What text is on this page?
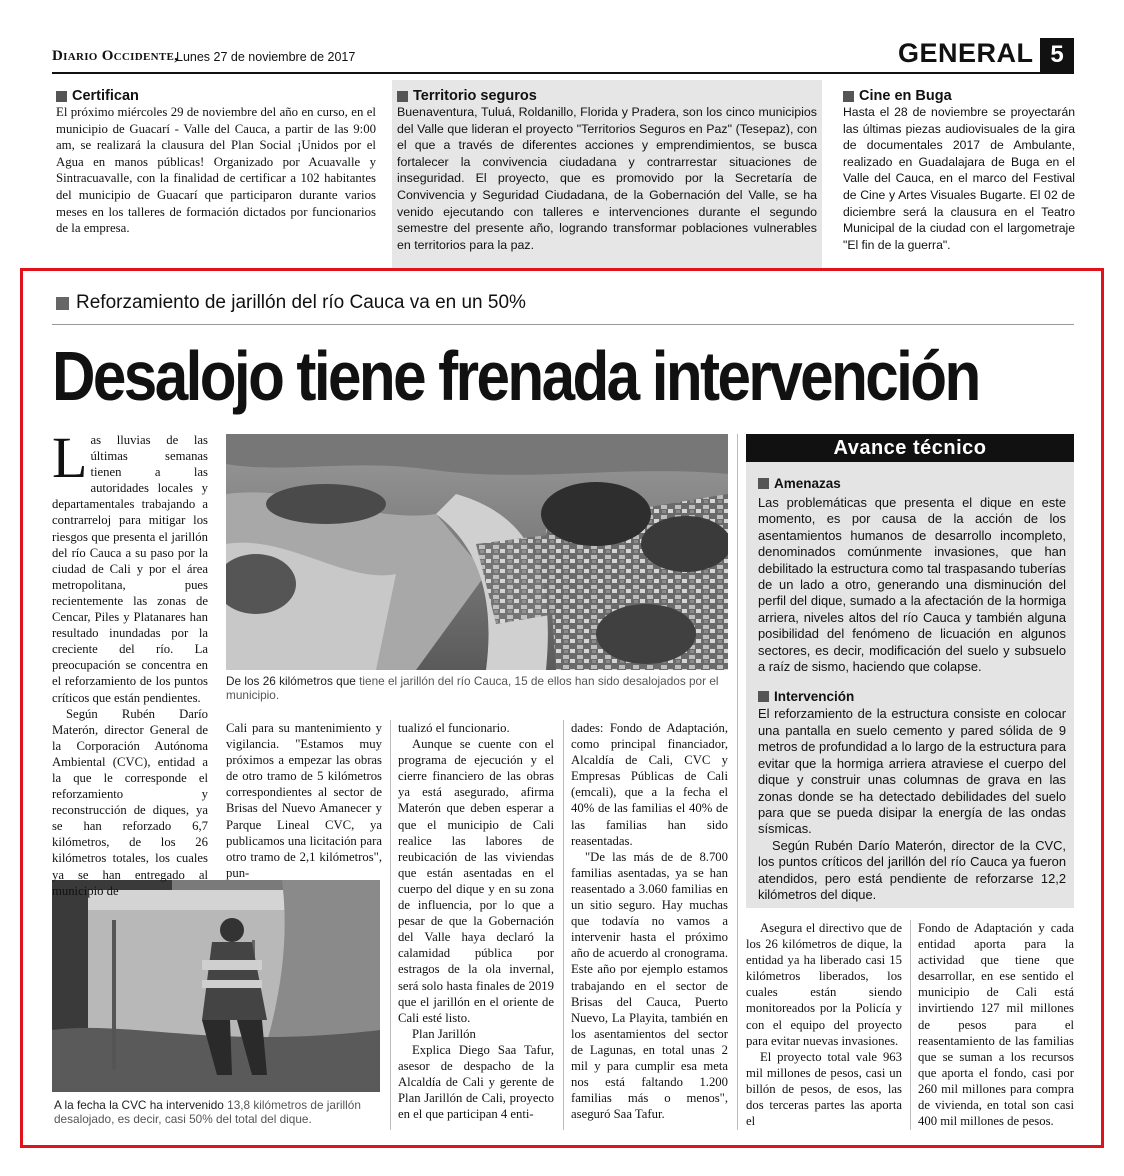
Diario Occidente,
Lunes 27 de noviembre de 2017	GENERAL 5
Certifican
El próximo miércoles 29 de noviembre del año en curso, en el municipio de Guacarí - Valle del Cauca, a partir de las 9:00 am, se realizará la clausura del Plan Social ¡Unidos por el Agua en manos públicas! Organizado por Acuavalle y Sintracuavalle, con la finalidad de certificar a 102 habitantes del municipio de Guacarí que participaron durante varios meses en los talleres de formación dictados por funcionarios de la empresa.
Territorio seguros
Buenaventura, Tuluá, Roldanillo, Florida y Pradera, son los cinco municipios del Valle que lideran el proyecto "Territorios Seguros en Paz" (Tesepaz), con el que a través de diferentes acciones y emprendimientos, se busca fortalecer la convivencia ciudadana y contrarrestar situaciones de inseguridad. El proyecto, que es promovido por la Secretaría de Convivencia y Seguridad Ciudadana, de la Gobernación del Valle, se ha venido ejecutando con talleres e intervenciones durante el segundo semestre del presente año, logrando transformar poblaciones vulnerables en territorios para la paz.
Cine en Buga
Hasta el 28 de noviembre se proyectarán las últimas piezas audiovisuales de la gira de documentales 2017 de Ambulante, realizado en Guadalajara de Buga en el Valle del Cauca, en el marco del Festival de Cine y Artes Visuales Bugarte. El 02 de diciembre será la clausura en el Teatro Municipal de la ciudad con el largometraje "El fin de la guerra".
Reforzamiento de jarillón del río Cauca va en un 50%
Desalojo tiene frenada intervención
De los 26 kilómetros que tiene el jarillón del río Cauca, 15 de ellos han sido desalojados por el municipio.
A la fecha la CVC ha intervenido 13,8 kilómetros de jarillón desalojado, es decir, casi 50% del total del dique.

Las lluvias de las últimas semanas tienen a las autoridades locales y departamentales trabajando a contrarreloj para mitigar los riesgos que presenta el jarillón del río Cauca a su paso por la ciudad de Cali y por el área metropolitana, pues recientemente las zonas de Cencar, Piles y Platanares han resultado inundadas por la creciente del río. La preocupación se concentra en el reforzamiento de los puntos críticos que están pendientes.

Según Rubén Darío Materón, director General de la Corporación Autónoma Ambiental (CVC), entidad a la que le corresponde el reforzamiento y reconstrucción de diques, ya se han reforzado 6,7 kilómetros, de los 26 kilómetros totales, los cuales ya se han entregado al municipio de

Cali para su mantenimiento y vigilancia. "Estamos muy próximos a empezar las obras de otro tramo de 5 kilómetros correspondientes al sector de Brisas del Nuevo Amanecer y Parque Lineal CVC, ya publicamos una licitación para otro tramo de 2,1 kilómetros", pun-

tualizó el funcionario.

Aunque se cuente con el programa de ejecución y el cierre financiero de las obras ya está asegurado, afirma Materón que deben esperar a que el municipio de Cali realice las labores de reubicación de las viviendas que están asentadas en el cuerpo del dique y en su zona de influencia, por lo que a pesar de que la Gobernación del Valle haya declaró la calamidad pública por estragos de la ola invernal, será solo hasta finales de 2019 que el jarillón en el oriente de Cali esté listo.

Plan Jarillón

Explica Diego Saa Tafur, asesor de despacho de la Alcaldía de Cali y gerente de Plan Jarillón de Cali, proyecto en el que participan 4 enti-

dades: Fondo de Adaptación, como principal financiador, Alcaldía de Cali, CVC y Empresas Públicas de Cali (emcali), que a la fecha el 40% de las familias el 40% de las familias han sido reasentadas.

"De las más de de 8.700 familias asentadas, ya se han reasentado a 3.060 familias en un sitio seguro. Hay muchas que todavía no vamos a intervenir hasta el próximo año de acuerdo al cronograma. Este año por ejemplo estamos trabajando en el sector de Brisas del Cauca, Puerto Nuevo, La Playita, también en los asentamientos del sector de Lagunas, en total unas 2 mil y para cumplir esa meta nos está faltando 1.200 familias más o menos", aseguró Saa Tafur.

Avance técnico
Amenazas
Las problemáticas que presenta el dique en este momento, es por causa de la acción de los asentamientos humanos de desarrollo incompleto, denominados comúnmente invasiones, que han debilitado la estructura como tal traspasando tuberías de un lado a otro, generando una disminución del perfil del dique, sumado a la afectación de la hormiga arriera, niveles altos del río Cauca y también alguna posibilidad del fenómeno de licuación en algunos sectores, es decir, modificación del suelo y subsuelo a raíz de sismo, haciendo que colapse.
Intervención
El reforzamiento de la estructura consiste en colocar una pantalla en suelo cemento y pared sólida de 9 metros de profundidad a lo largo de la estructura para evitar que la hormiga arriera atraviese el cuerpo del dique y construir unas columnas de grava en las zonas donde se ha detectado debilidades del suelo para que se pueda disipar la energía de las ondas sísmicas.
Según Rubén Darío Materón, director de la CVC, los puntos críticos del jarillón del río Cauca ya fueron atendidos, pero está pendiente de reforzarse 12,2 kilómetros del dique.

Asegura el directivo que de los 26 kilómetros de dique, la entidad ya ha liberado casi 15 kilómetros liberados, los cuales están siendo monitoreados por la Policía y con el equipo del proyecto para evitar nuevas invasiones.

El proyecto total vale 963 mil millones de pesos, casi un billón de pesos, de esos, las dos terceras partes las aporta el

Fondo de Adaptación y cada entidad aporta para la actividad que tiene que desarrollar, en ese sentido el municipio de Cali está invirtiendo 127 mil millones de pesos para el reasentamiento de las familias que se suman a los recursos que aporta el fondo, casi por 260 mil millones para compra de vivienda, en total son casi 400 mil millones de pesos.
